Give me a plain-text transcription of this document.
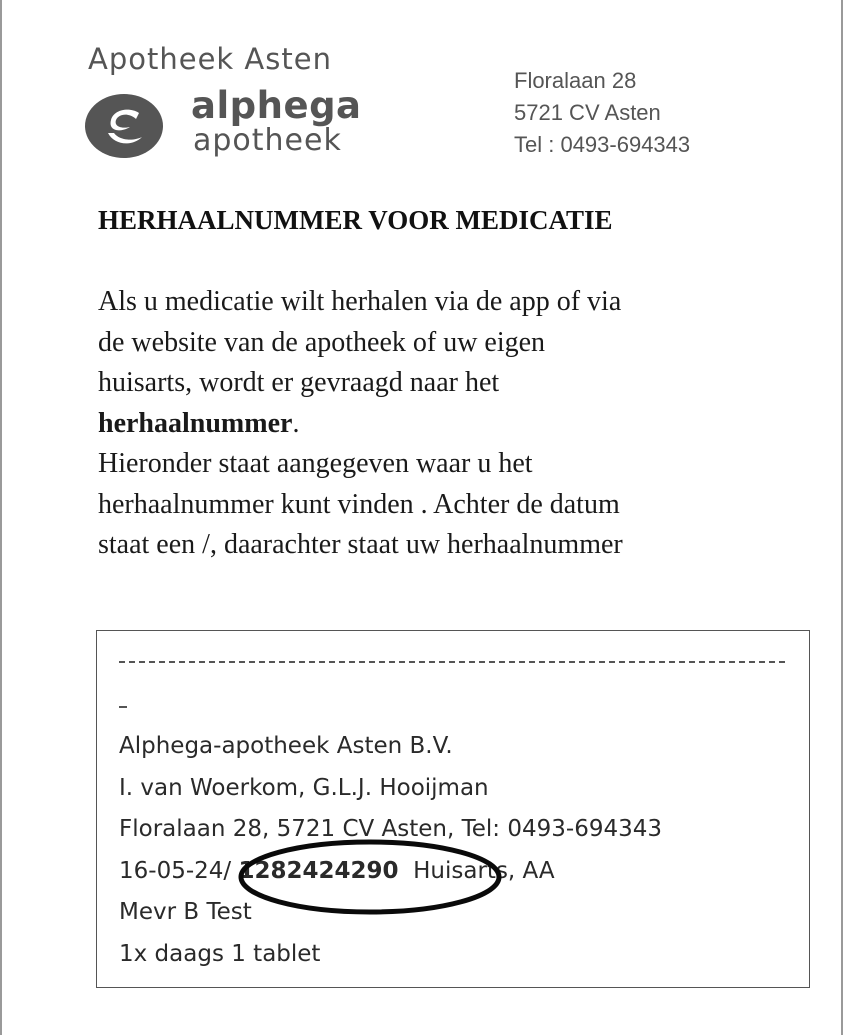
Apotheek Asten
alphega
apotheek
Floralaan 28
5721 CV Asten
Tel : 0493-694343
HERHAALNUMMER VOOR MEDICATIE
Als u medicatie wilt herhalen via de app of via
de website van de apotheek of uw eigen
huisarts, wordt er gevraagd naar het
herhaalnummer.
Hieronder staat aangegeven waar u het
herhaalnummer kunt vinden . Achter de datum
staat een /, daarachter staat uw herhaalnummer
Alphega-apotheek Asten B.V.
I. van Woerkom, G.L.J. Hooijman
Floralaan 28, 5721 CV Asten, Tel: 0493-694343
16-05-24/ 1282424290 Huisarts, AA
Mevr B Test
1x daags 1 tablet
